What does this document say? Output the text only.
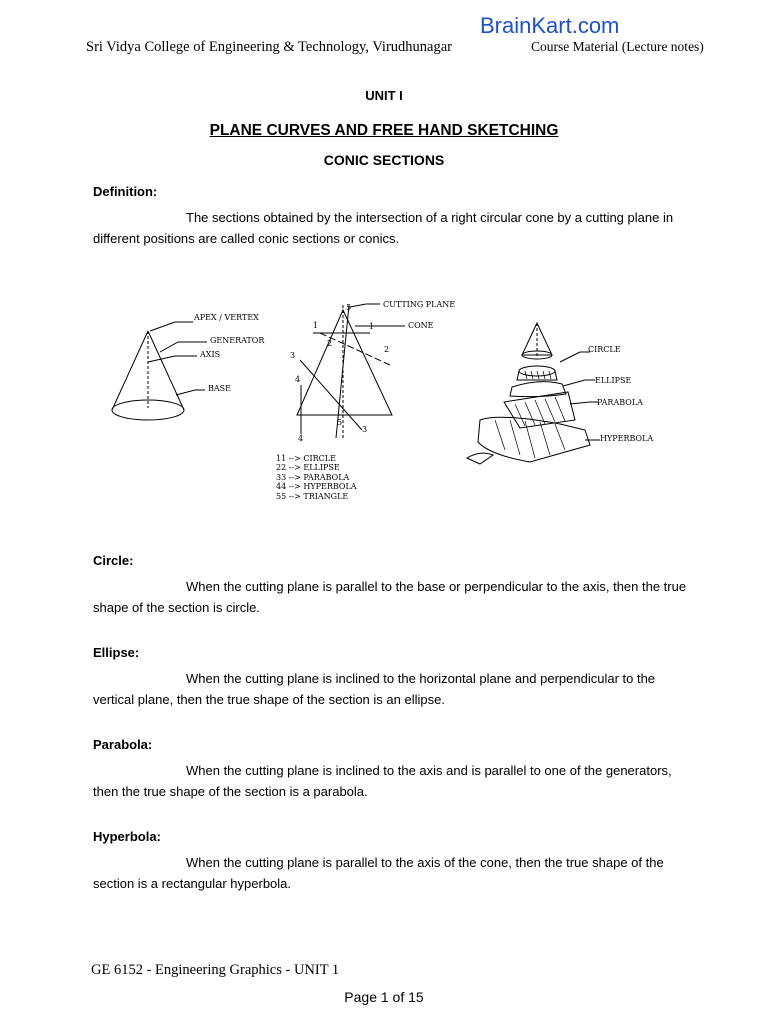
BrainKart.com
Sri Vidya College of Engineering & Technology, Virudhunagar	Course Material (Lecture notes)
UNIT I
PLANE CURVES AND FREE HAND SKETCHING
CONIC SECTIONS
Definition:
The sections obtained by the intersection of a right circular cone by a cutting plane in different positions are called conic sections or conics.
APEX / VERTEX
GENERATOR
AXIS
BASE
CUTTING PLANE
CONE
5
1	1
2
2
3
4
5
3
4
11 --> CIRCLE
22 --> ELLIPSE
33 --> PARABOLA
44 --> HYPERBOLA
55 --> TRIANGLE
CIRCLE
ELLIPSE
PARABOLA
HYPERBOLA
Circle:
When the cutting plane is parallel to the base or perpendicular to the axis, then the true shape of the section is circle.
Ellipse:
When the cutting plane is inclined to the horizontal plane and perpendicular to the vertical plane, then the true shape of the section is an ellipse.
Parabola:
When the cutting plane is inclined to the axis and is parallel to one of the generators, then the true shape of the section is a parabola.
Hyperbola:
When the cutting plane is parallel to the axis of the cone, then the true shape of the section is a rectangular hyperbola.
GE 6152 - Engineering Graphics - UNIT 1
Page 1 of 15
